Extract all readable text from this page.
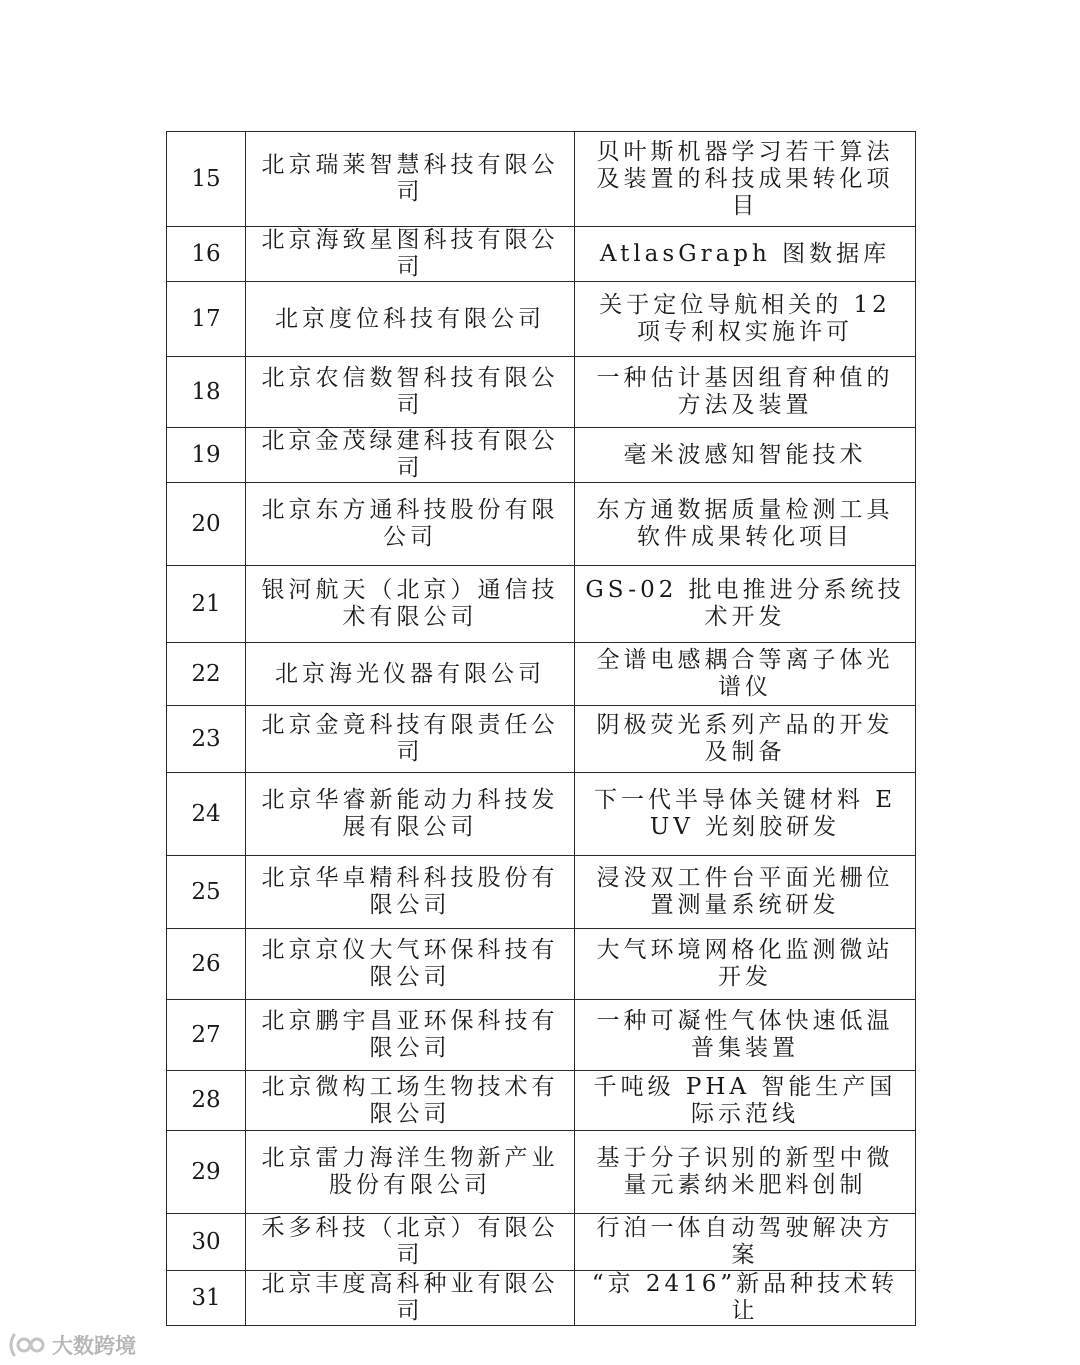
15	北京瑞莱智慧科技有限公司	贝叶斯机器学习若干算法及装置的科技成果转化项目
16	北京海致星图科技有限公司	AtlasGraph 图数据库
17	北京度位科技有限公司	关于定位导航相关的 12 项专利权实施许可
18	北京农信数智科技有限公司	一种估计基因组育种值的方法及装置
19	北京金茂绿建科技有限公司	毫米波感知智能技术
20	北京东方通科技股份有限公司	东方通数据质量检测工具软件成果转化项目
21	银河航天（北京）通信技术有限公司	GS-02 批电推进分系统技术开发
22	北京海光仪器有限公司	全谱电感耦合等离子体光谱仪
23	北京金竟科技有限责任公司	阴极荧光系列产品的开发及制备
24	北京华睿新能动力科技发展有限公司	下一代半导体关键材料 EUV 光刻胶研发
25	北京华卓精科科技股份有限公司	浸没双工件台平面光栅位置测量系统研发
26	北京京仪大气环保科技有限公司	大气环境网格化监测微站开发
27	北京鹏宇昌亚环保科技有限公司	一种可凝性气体快速低温普集装置
28	北京微构工场生物技术有限公司	千吨级 PHA 智能生产国际示范线
29	北京雷力海洋生物新产业股份有限公司	基于分子识别的新型中微量元素纳米肥料创制
30	禾多科技（北京）有限公司	行泊一体自动驾驶解决方案
31	北京丰度高科种业有限公司	“京 2416”新品种技术转让
大数跨境
